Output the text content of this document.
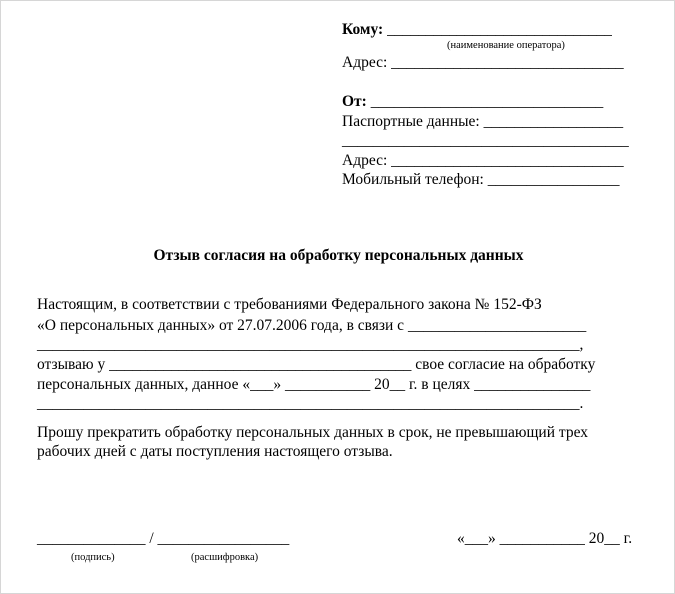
Кому: _____________________________
(наименование оператора)
Адрес: ______________________________
От: ______________________________
Паспортные данные: __________________
_____________________________________
Адрес: ______________________________
Мобильный телефон: _________________
Отзыв согласия на обработку персональных данных
Настоящим, в соответствии с требованиями Федерального закона № 152-ФЗ
«О персональных данных» от 27.07.2006 года, в связи с _______________________
______________________________________________________________________,
отзываю у _______________________________________ свое согласие на обработку
персональных данных, данное «___» ___________ 20__ г. в целях _______________
______________________________________________________________________.
Прошу прекратить обработку персональных данных в срок, не превышающий трех
рабочих дней с даты поступления настоящего отзыва.
______________ / _________________
(подпись)	(расшифровка)
«___» ___________ 20__ г.
